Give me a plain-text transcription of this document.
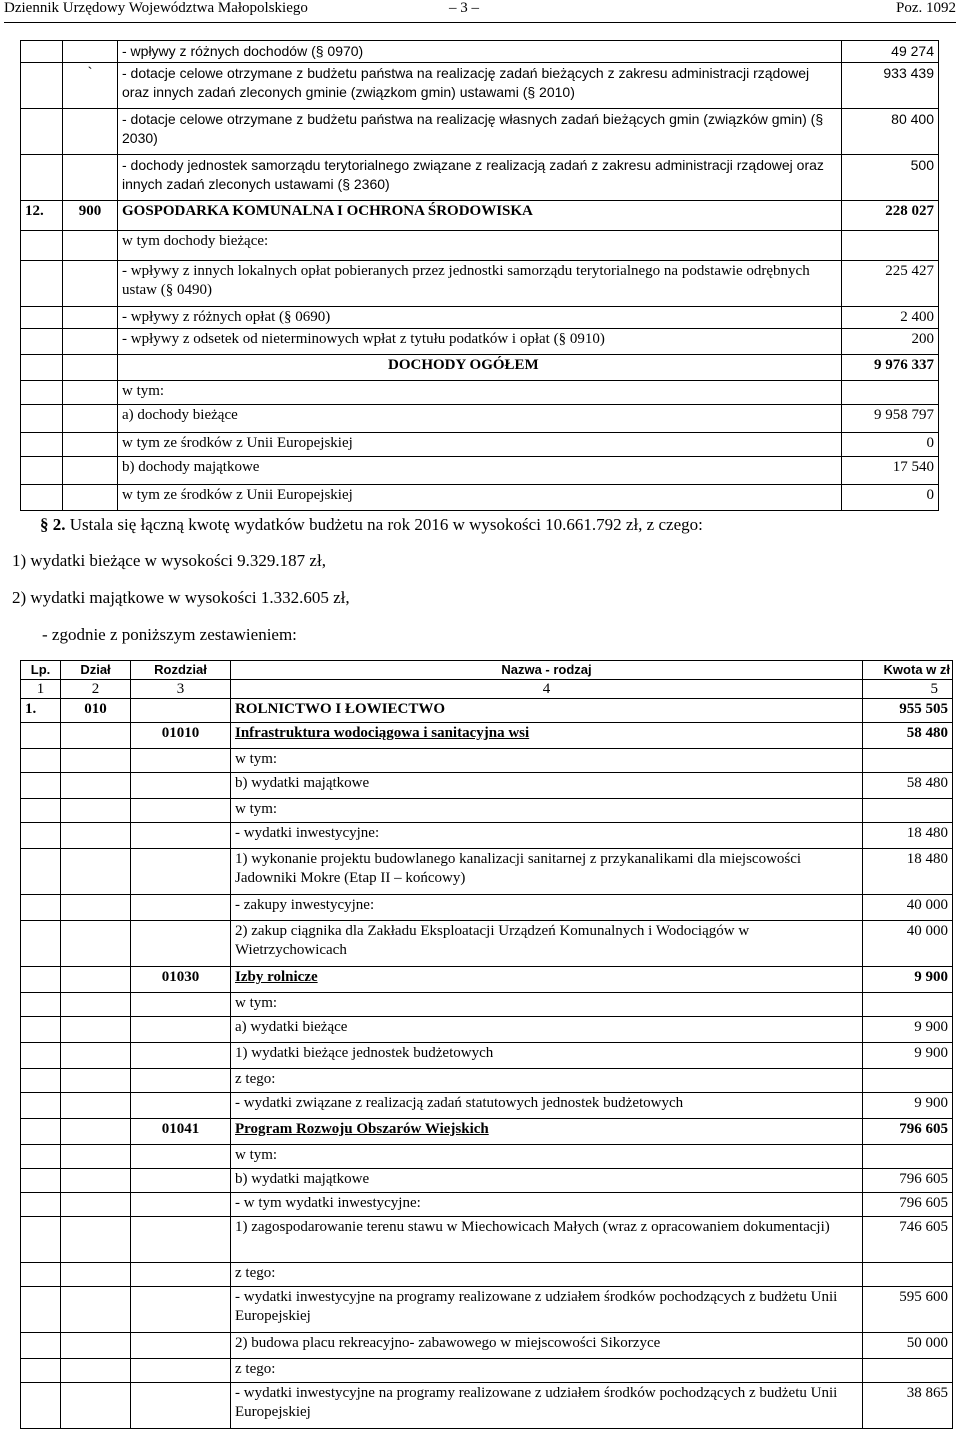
Dziennik Urzędowy Województwa Małopolskiego	– 3 –	Poz. 1092
		- wpływy z różnych dochodów (§ 0970)	49 274
	`	- dotacje celowe otrzymane z budżetu państwa na realizację zadań bieżących z zakresu administracji rządowej oraz innych zadań zleconych gminie (związkom gmin) ustawami (§ 2010)	933 439
		- dotacje celowe otrzymane z budżetu państwa na realizację własnych zadań bieżących gmin (związków gmin) (§ 2030)	80 400
		- dochody jednostek samorządu terytorialnego związane z realizacją zadań z zakresu administracji rządowej oraz innych zadań zleconych ustawami (§ 2360)	500
12.	900	GOSPODARKA KOMUNALNA I OCHRONA ŚRODOWISKA	228 027
		w tym dochody bieżące:	
		- wpływy z innych lokalnych opłat pobieranych przez jednostki samorządu terytorialnego na podstawie odrębnych ustaw (§ 0490)	225 427
		- wpływy z różnych opłat (§ 0690)	2 400
		- wpływy z odsetek od nieterminowych wpłat z tytułu podatków i opłat (§ 0910)	200
		DOCHODY OGÓŁEM	9 976 337
		w tym:	
		a) dochody bieżące	9 958 797
		w tym ze środków z Unii Europejskiej	0
		b) dochody majątkowe	17 540
		w tym ze środków z Unii Europejskiej	0
§ 2. Ustala się łączną kwotę wydatków budżetu na rok 2016 w wysokości 10.661.792 zł, z czego:
1) wydatki bieżące w wysokości 9.329.187 zł,
2) wydatki majątkowe w wysokości 1.332.605 zł,
- zgodnie z poniższym zestawieniem:
Lp.	Dział	Rozdział	Nazwa - rodzaj	Kwota w zł
1	2	3	4	5
1.	010		ROLNICTWO I ŁOWIECTWO	955 505
		01010	Infrastruktura wodociągowa i sanitacyjna wsi	58 480
			w tym:	
			b) wydatki majątkowe	58 480
			w tym:	
			- wydatki inwestycyjne:	18 480
			1) wykonanie projektu budowlanego kanalizacji sanitarnej z przykanalikami dla miejscowości Jadowniki Mokre (Etap II – końcowy)	18 480
			- zakupy inwestycyjne:	40 000
			2) zakup ciągnika dla Zakładu Eksploatacji Urządzeń Komunalnych i Wodociągów w Wietrzychowicach	40 000
		01030	Izby rolnicze	9 900
			w tym:	
			a) wydatki bieżące	9 900
			1) wydatki bieżące jednostek budżetowych	9 900
			z tego:	
			- wydatki związane z realizacją zadań statutowych jednostek budżetowych	9 900
		01041	Program Rozwoju Obszarów Wiejskich	796 605
			w tym:	
			b) wydatki majątkowe	796 605
			- w tym wydatki inwestycyjne:	796 605
			1) zagospodarowanie terenu stawu w Miechowicach Małych (wraz z opracowaniem dokumentacji)	746 605
			z tego:	
			- wydatki inwestycyjne na programy realizowane z udziałem środków pochodzących z budżetu Unii Europejskiej	595 600
			2) budowa placu rekreacyjno- zabawowego w miejscowości Sikorzyce	50 000
			z tego:	
			- wydatki inwestycyjne na programy realizowane z udziałem środków pochodzących z budżetu Unii Europejskiej	38 865
